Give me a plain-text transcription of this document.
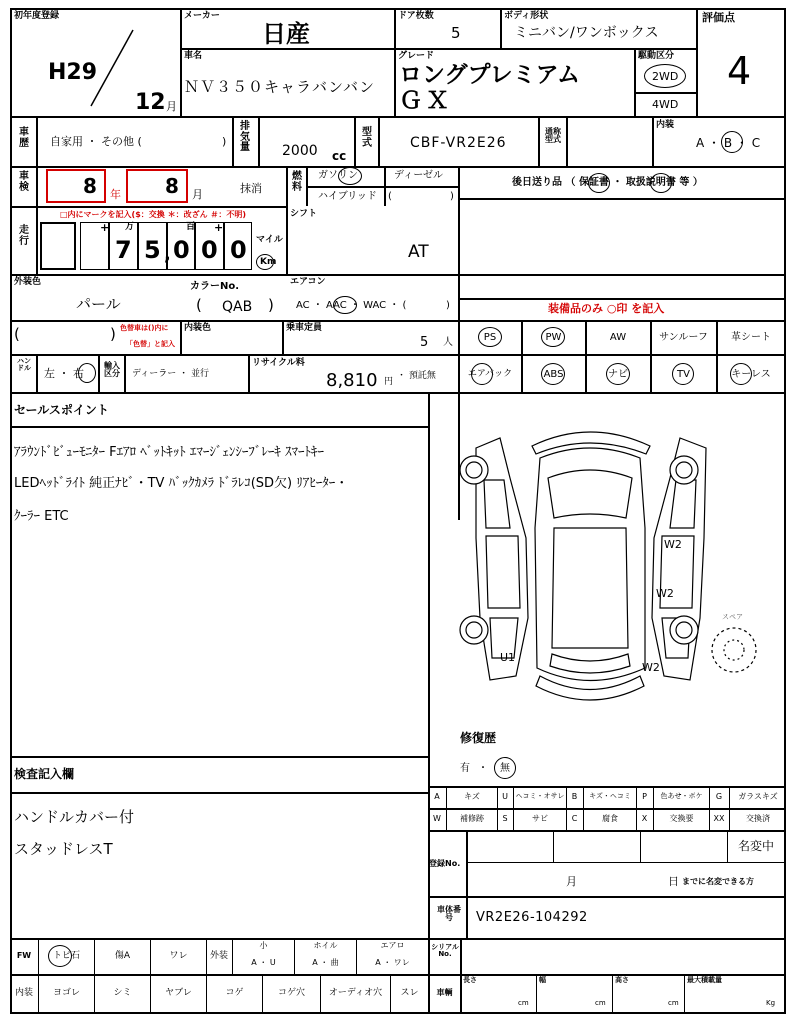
初年度登録
H29
12 月
メーカー
日産
ドア枚数
5
ボディ形状
ミニバン/ワンボックス
評価点
4
車名
ＮＶ３５０キャラバンバン
グレード
ロングプレミアム
ＧＸ
駆動区分
2WD
4WD
車歴 自家用 ・ その他 (	)
排気量 2000 cc
型式	CBF-VR2E26
通称型式
内装
A ・ B ・ C
車検	8 年 8 月	抹消
燃料
ガソリン	ディーゼル
ハイブリッド (	)
後日送り品 （ 保証書 ・ 取扱説明書 等 ）
□内にマークを記入($：交換 ＊：改ざん ＃：不明)
走行
+ 万	百 +
7 5 , 0 0 0 マイル
Km
シフト
AT
外装色
パール
カラーNo.
( QAB )
エアコン
AC ・ AAC ・ WAC ・ (	)	装備品のみ ○印 を記入
(	) 色替車は()内に
「色替」と記入
内装色	乗車定員
5 人	PS	PW	AW	サンルーフ	革シート
ハンドル 左 ・ 右
輸入区分 ディーラー ・ 並行
リサイクル料
8,810 円
・ 預託無	エアバック	ABS	ナビ	TV	キーレス
セールスポイント
ｱﾗｳﾝﾄﾞﾋﾞｭｰﾓﾆﾀｰ Fｴｱﾛ ﾍﾞｯﾄｷｯﾄ ｴﾏｰｼﾞｪﾝｼｰﾌﾞﾚｰｷ ｽﾏｰﾄｷｰ
LEDﾍｯﾄﾞﾗｲﾄ 純正ﾅﾋﾞ・TV ﾊﾞｯｸｶﾒﾗ ﾄﾞﾗﾚｺ(SD欠) ﾘｱﾋｰﾀｰ・
ｸｰﾗｰ ETC
W2
W2
W2
U1
スペア
修復歴
有 ・ 無
A	キズ	U	ヘコミ・オサレ B	キズ・ヘコミ	P	色あせ・ボケ	G	ガラスキズ
W	補修跡	S	サビ	C	腐食	X	交換要	XX	交換済
検査記入欄
ハンドルカバー付
スタッドレスT
登録No.
名変中
月	日 までに名変できる方
車体番号	VR2E26-104292
FW	トビ石	傷A	ワレ	外装
小
A ・ U
ホイル
A ・ 曲
エアロ
A ・ ワレ
シリアルNo.
内装	ヨゴレ	シミ	ヤブレ	コゲ	コゲ穴	オーディオ穴	スレ	車輌
長さ
cm
幅
cm
高さ
cm
最大積載量
Kg
